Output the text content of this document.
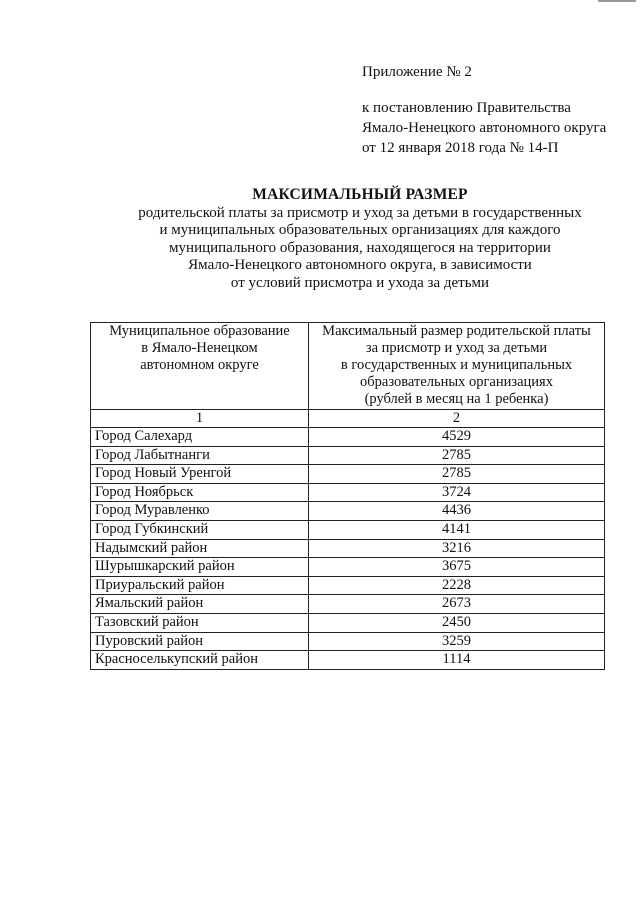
Приложение № 2
к постановлению Правительства
Ямало-Ненецкого автономного округа
от 12 января 2018 года № 14-П
МАКСИМАЛЬНЫЙ РАЗМЕР
родительской платы за присмотр и уход за детьми в государственных
и муниципальных образовательных организациях для каждого
муниципального образования, находящегося на территории
Ямало-Ненецкого автономного округа, в зависимости
от условий присмотра и ухода за детьми
Муниципальное образование
в Ямало-Ненецком
автономном округе	Максимальный размер родительской платы
за присмотр и уход за детьми
в государственных и муниципальных
образовательных организациях
(рублей в месяц на 1 ребенка)

1	2
Город Салехард	4529
Город Лабытнанги	2785
Город Новый Уренгой	2785
Город Ноябрьск	3724
Город Муравленко	4436
Город Губкинский	4141
Надымский район	3216
Шурышкарский район	3675
Приуральский район	2228
Ямальский район	2673
Тазовский район	2450
Пуровский район	3259
Красноселькупский район	1114
